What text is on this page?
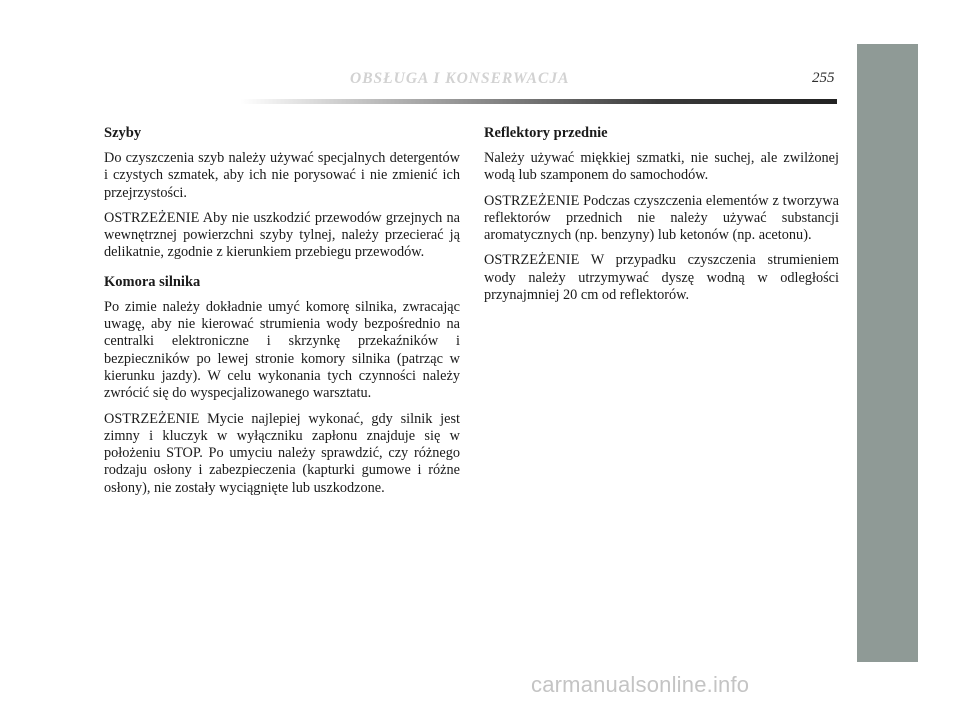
OBSŁUGA I KONSERWACJA	255
Szyby

Do czyszczenia szyb należy używać specjalnych detergentów i czystych szmatek, aby ich nie porysować i nie zmienić ich przejrzystości.

OSTRZEŻENIE Aby nie uszkodzić przewodów grzejnych na wewnętrznej powierzchni szyby tylnej, należy przecierać ją delikatnie, zgodnie z kierunkiem przebiegu przewodów.

Komora silnika

Po zimie należy dokładnie umyć komorę silnika, zwracając uwagę, aby nie kierować strumienia wody bezpośrednio na centralki elektroniczne i skrzynkę przekaźników i bezpieczników po lewej stronie komory silnika (patrząc w kierunku jazdy). W celu wykonania tych czynności należy zwrócić się do wyspecjalizowanego warsztatu.

OSTRZEŻENIE Mycie najlepiej wykonać, gdy silnik jest zimny i kluczyk w wyłączniku zapłonu znajduje się w położeniu STOP. Po umyciu należy sprawdzić, czy różnego rodzaju osłony i zabezpieczenia (kapturki gumowe i różne osłony), nie zostały wyciągnięte lub uszkodzone.

Reflektory przednie

Należy używać miękkiej szmatki, nie suchej, ale zwilżonej wodą lub szamponem do samochodów.

OSTRZEŻENIE Podczas czyszczenia elementów z tworzywa reflektorów przednich nie należy używać substancji aromatycznych (np. benzyny) lub ketonów (np. acetonu).

OSTRZEŻENIE W przypadku czyszczenia strumieniem wody należy utrzymywać dyszę wodną w odległości przynajmniej 20 cm od reflektorów.

carmanualsonline.info
